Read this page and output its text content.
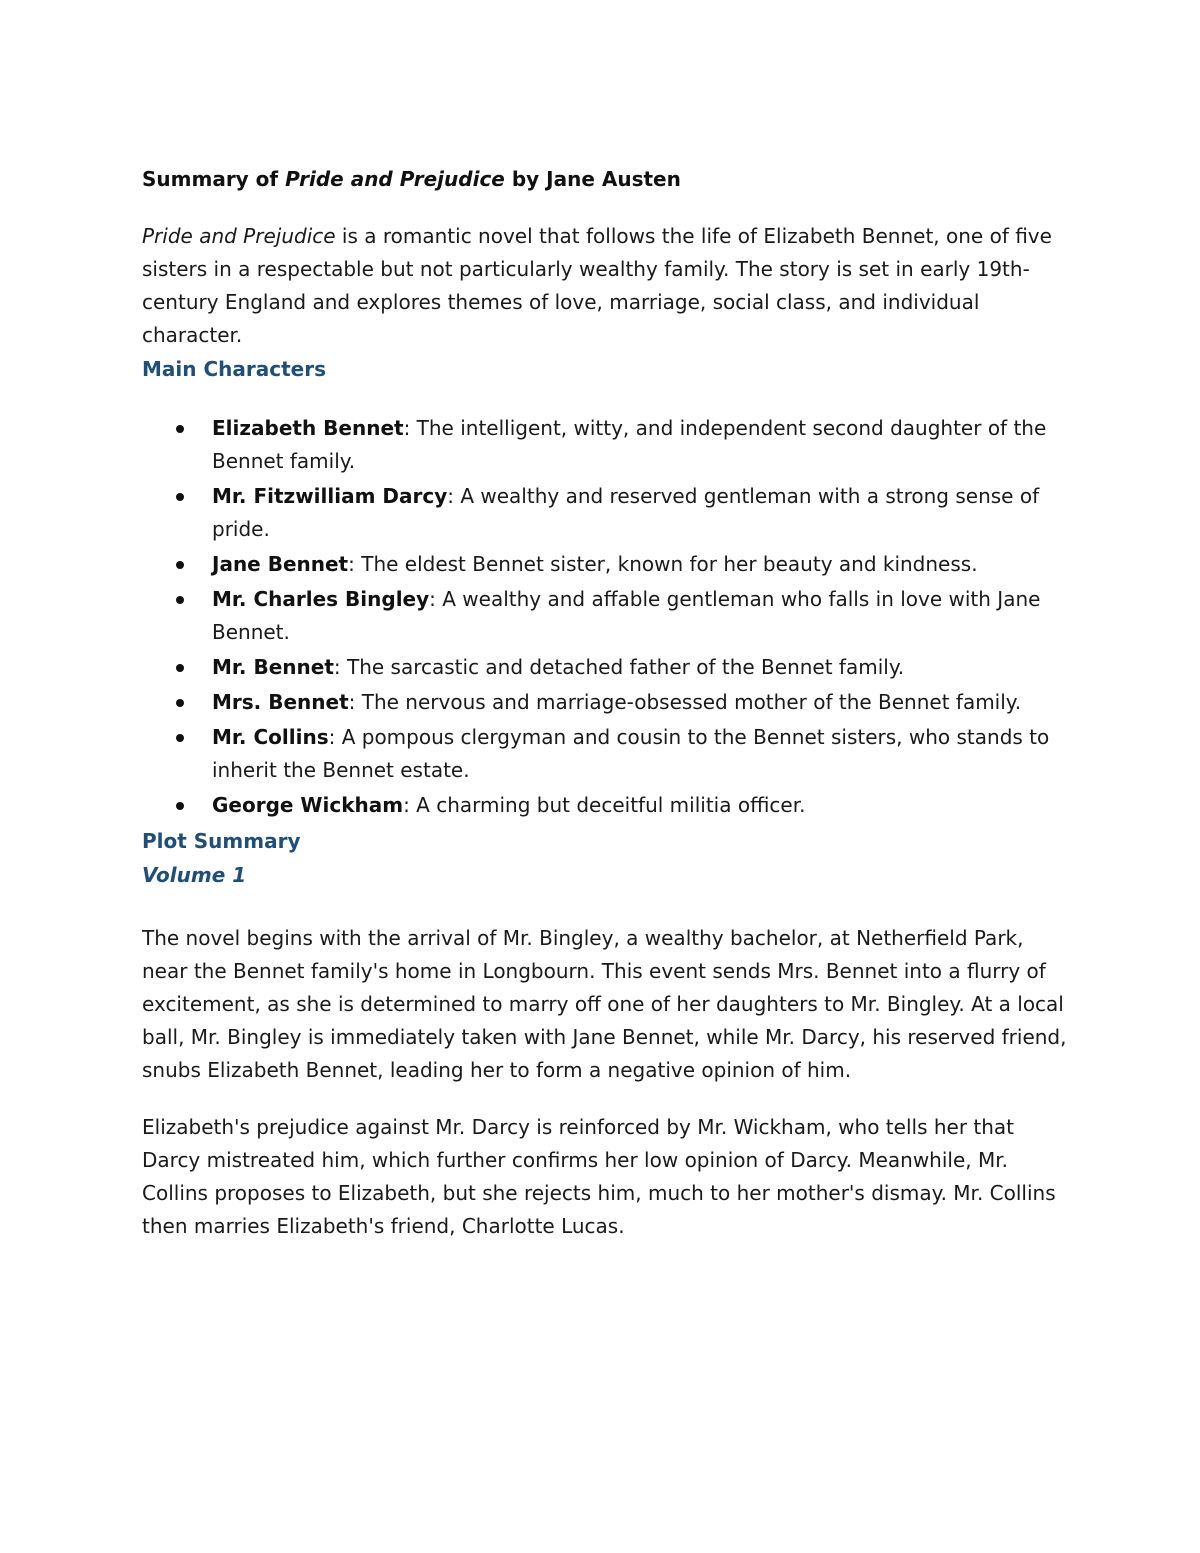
Summary of Pride and Prejudice by Jane Austen

Pride and Prejudice is a romantic novel that follows the life of Elizabeth Bennet, one of five sisters in a respectable but not particularly wealthy family. The story is set in early 19th-century England and explores themes of love, marriage, social class, and individual character.

Main Characters
Elizabeth Bennet: The intelligent, witty, and independent second daughter of the Bennet family.
Mr. Fitzwilliam Darcy: A wealthy and reserved gentleman with a strong sense of pride.
Jane Bennet: The eldest Bennet sister, known for her beauty and kindness.
Mr. Charles Bingley: A wealthy and affable gentleman who falls in love with Jane Bennet.
Mr. Bennet: The sarcastic and detached father of the Bennet family.
Mrs. Bennet: The nervous and marriage-obsessed mother of the Bennet family.
Mr. Collins: A pompous clergyman and cousin to the Bennet sisters, who stands to inherit the Bennet estate.
George Wickham: A charming but deceitful militia officer.
Plot Summary
Volume 1

The novel begins with the arrival of Mr. Bingley, a wealthy bachelor, at Netherfield Park, near the Bennet family's home in Longbourn. This event sends Mrs. Bennet into a flurry of excitement, as she is determined to marry off one of her daughters to Mr. Bingley. At a local ball, Mr. Bingley is immediately taken with Jane Bennet, while Mr. Darcy, his reserved friend, snubs Elizabeth Bennet, leading her to form a negative opinion of him.

Elizabeth's prejudice against Mr. Darcy is reinforced by Mr. Wickham, who tells her that Darcy mistreated him, which further confirms her low opinion of Darcy. Meanwhile, Mr. Collins proposes to Elizabeth, but she rejects him, much to her mother's dismay. Mr. Collins then marries Elizabeth's friend, Charlotte Lucas.
